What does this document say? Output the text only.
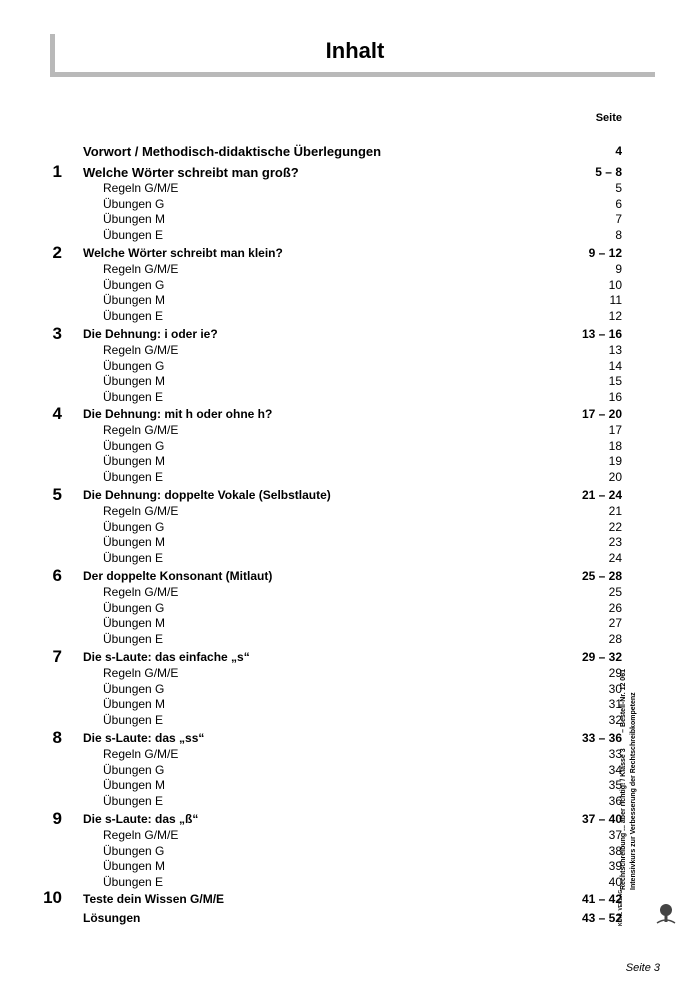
Inhalt
Seite
Vorwort / Methodisch-didaktische Überlegungen	4
1 Welche Wörter schreibt man groß?	5 – 8
Regeln G/M/E	5
Übungen G	6
Übungen M	7
Übungen E	8
2 Welche Wörter schreibt man klein?	9 – 12
Regeln G/M/E	9
Übungen G	10
Übungen M	11
Übungen E	12
3 Die Dehnung: i oder ie?	13 – 16
Regeln G/M/E	13
Übungen G	14
Übungen M	15
Übungen E	16
4 Die Dehnung: mit h oder ohne h?	17 – 20
Regeln G/M/E	17
Übungen G	18
Übungen M	19
Übungen E	20
5 Die Dehnung: doppelte Vokale (Selbstlaute)	21 – 24
Regeln G/M/E	21
Übungen G	22
Übungen M	23
Übungen E	24
6 Der doppelte Konsonant (Mitlaut)	25 – 28
Regeln G/M/E	25
Übungen G	26
Übungen M	27
Übungen E	28
7 Die s-Laute: das einfache „s“	29 – 32
Regeln G/M/E	29
Übungen G	30
Übungen M	31
Übungen E	32
8 Die s-Laute: das „ss“	33 – 36
Regeln G/M/E	33
Übungen G	34
Übungen M	35
Übungen E	36
9 Die s-Laute: das „ß“	37 – 40
Regeln G/M/E	37
Übungen G	38
Übungen M	39
Übungen E	40
10 Teste dein Wissen G/M/E	41 – 42
Lösungen	43 – 52
Rechtschreibung ... aber richtig! / Klasse 3        – Bestell-Nr. 12 061 Intensivkurs zur Verbesserung der Rechtschreibkompetenz
KOHL VERLAG
Seite 3
